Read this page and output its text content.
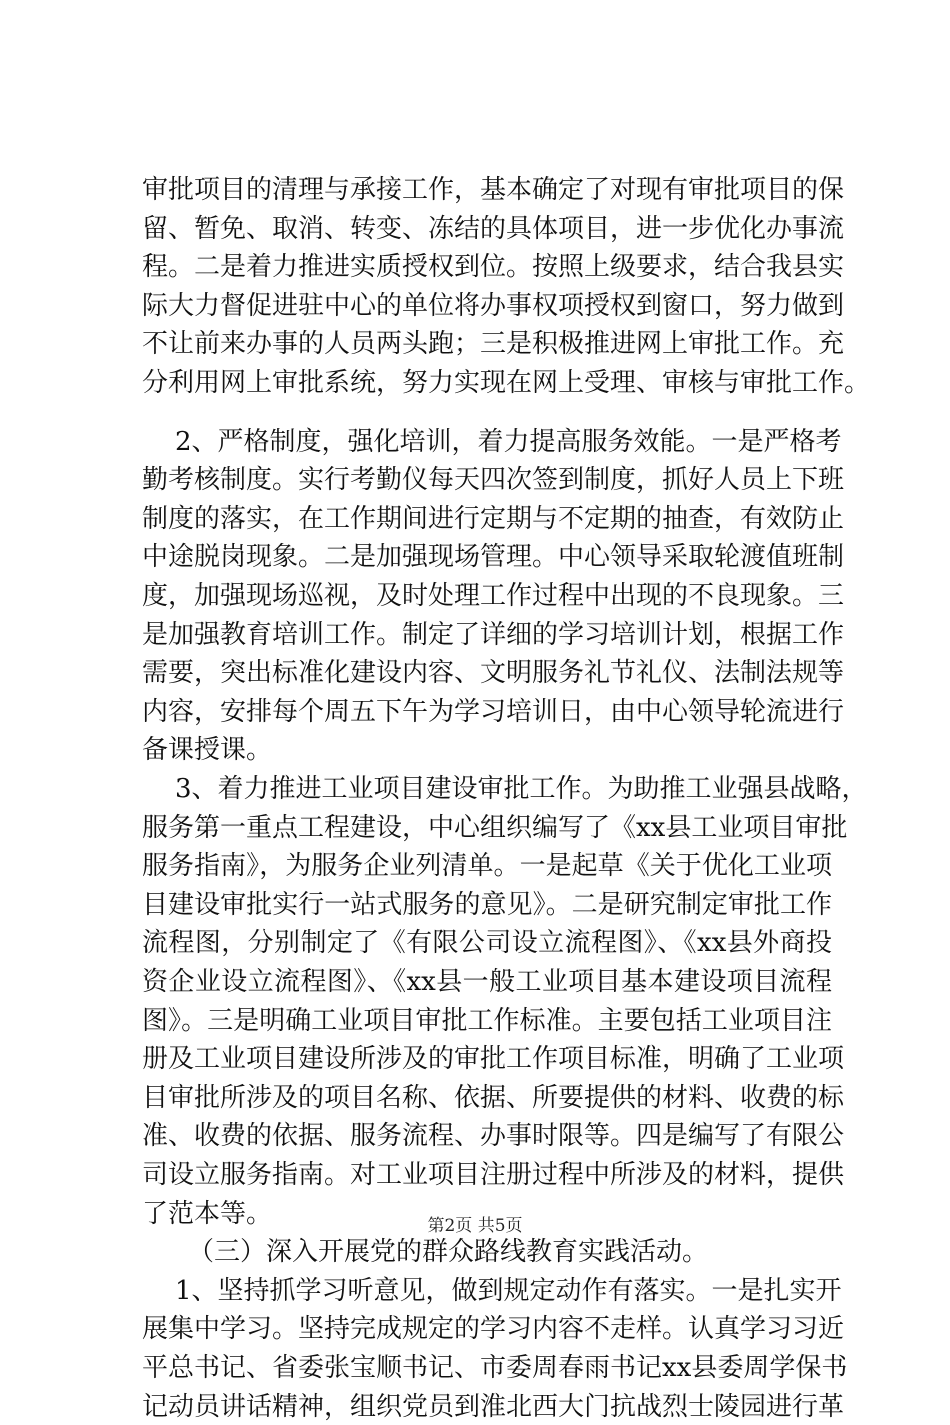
审批项目的清理与承接工作，基本确定了对现有审批项目的保
留、暂免、取消、转变、冻结的具体项目，进一步优化办事流
程。二是着力推进实质授权到位。按照上级要求，结合我县实
际大力督促进驻中心的单位将办事权项授权到窗口，努力做到
不让前来办事的人员两头跑；三是积极推进网上审批工作。充
分利用网上审批系统，努力实现在网上受理、审核与审批工作。
2、严格制度，强化培训，着力提高服务效能。一是严格考
勤考核制度。实行考勤仪每天四次签到制度，抓好人员上下班
制度的落实，在工作期间进行定期与不定期的抽查，有效防止
中途脱岗现象。二是加强现场管理。中心领导采取轮渡值班制
度，加强现场巡视，及时处理工作过程中出现的不良现象。三
是加强教育培训工作。制定了详细的学习培训计划，根据工作
需要，突出标准化建设内容、文明服务礼节礼仪、法制法规等
内容，安排每个周五下午为学习培训日，由中心领导轮流进行
备课授课。
3、着力推进工业项目建设审批工作。为助推工业强县战略，
服务第一重点工程建设，中心组织编写了《xx县工业项目审批
服务指南》，为服务企业列清单。一是起草《关于优化工业项
目建设审批实行一站式服务的意见》。二是研究制定审批工作
流程图，分别制定了《有限公司设立流程图》、《xx县外商投
资企业设立流程图》、《xx县一般工业项目基本建设项目流程
图》。三是明确工业项目审批工作标准。主要包括工业项目注
册及工业项目建设所涉及的审批工作项目标准，明确了工业项
目审批所涉及的项目名称、依据、所要提供的材料、收费的标
准、收费的依据、服务流程、办事时限等。四是编写了有限公
司设立服务指南。对工业项目注册过程中所涉及的材料，提供
了范本等。
（三）深入开展党的群众路线教育实践活动。
1、坚持抓学习听意见，做到规定动作有落实。一是扎实开
展集中学习。坚持完成规定的学习内容不走样。认真学习习近
平总书记、省委张宝顺书记、市委周春雨书记xx县委周学保书
记动员讲话精神，组织党员到淮北西大门抗战烈士陵园进行革
第2页 共5页
